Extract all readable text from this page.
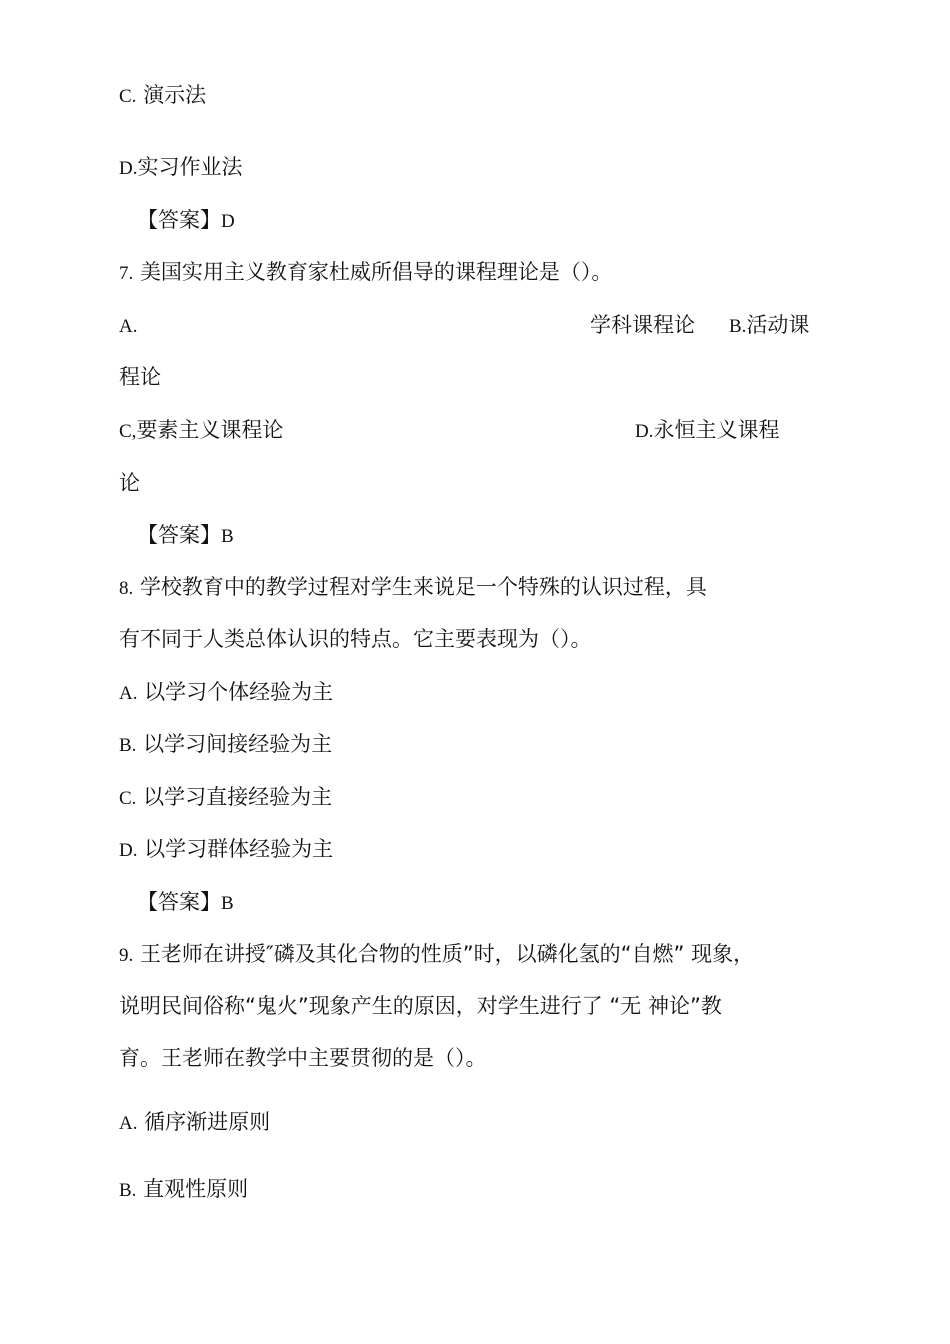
C. 演示法
D.实习作业法
【答案】D
7. 美国实用主义教育家杜威所倡导的课程理论是（）。
A.	学科课程论 B.活动课
程论
C,要素主义课程论	D.永恒主义课程
论
【答案】B
8. 学校教育中的教学过程对学生来说足一个特殊的认识过程，具
有不同于人类总体认识的特点。它主要表现为（）。
A. 以学习个体经验为主
B. 以学习间接经验为主
C. 以学习直接经验为主
D. 以学习群体经验为主
【答案】B
9. 王老师在讲授″磷及其化合物的性质”时，以磷化氢的“自燃” 现象，
说明民间俗称“鬼火”现象产生的原因，对学生进行了 “无 神论”教
育。王老师在教学中主要贯彻的是（）。
A. 循序渐进原则
B. 直观性原则
